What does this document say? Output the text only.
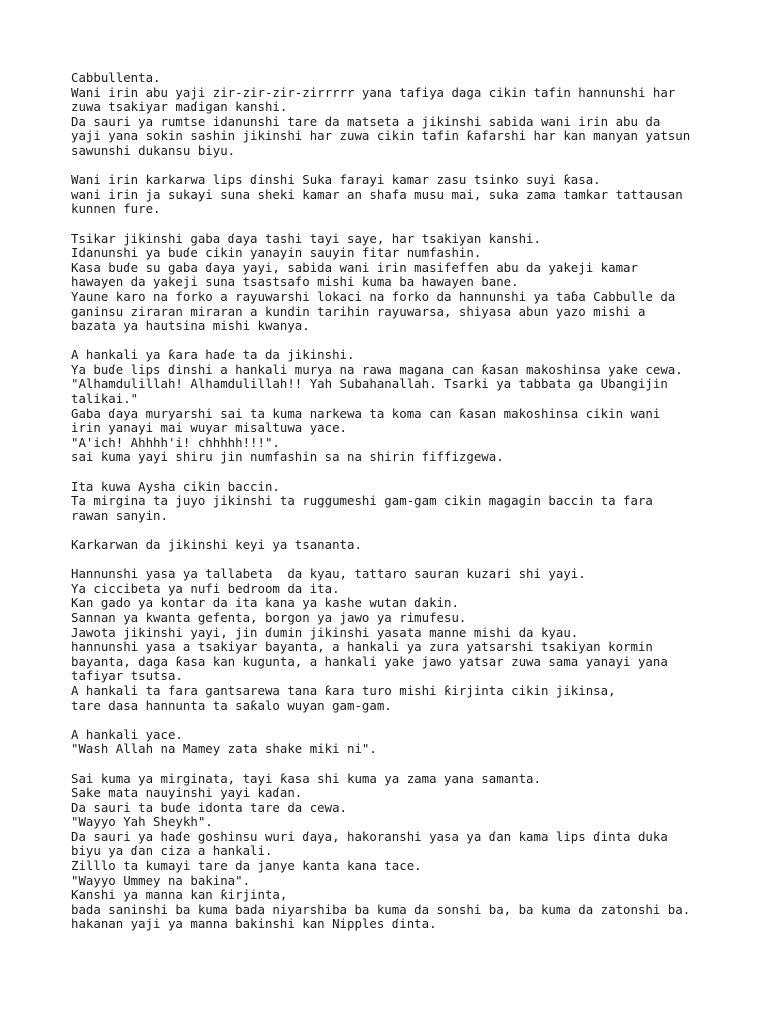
Cabbullenta.
Wani irin abu yaji zir-zir-zir-zirrrrr yana tafiya daga cikin tafin hannunshi har
zuwa tsakiyar maɗigan kanshi.
Da sauri ya rumtse idanunshi tare da matseta a jikinshi sabida wani irin abu da
yaji yana sokin sashin jikinshi har zuwa cikin tafin ƙafarshi har kan manyan yatsun
sawunshi dukansu biyu.
Wani irin karkarwa lips ɗinshi Suka farayi kamar zasu tsinko suyi ƙasa.
wani irin ja sukayi suna sheki kamar an shafa musu mai, suka zama tamkar tattausan
kunnen fure.
Tsikar jikinshi gaba ɗaya tashi tayi saye, har tsakiyan kanshi.
Idanunshi ya buɗe cikin yanayin sauyin fitar numfashin.
Kasa buɗe su gaba ɗaya yayi, sabida wani irin masifeffen abu da yakeji kamar
hawayen da yakeji suna tsastsafo mishi kuma ba hawayen bane.
Yaune karo na forko a rayuwarshi lokaci na forko da hannunshi ya taɓa Cabbulle da
ganinsu ziraran miraran a kundin tarihin rayuwarsa, shiyasa abun yazo mishi a
bazata ya hautsina mishi kwanya.
A hankali ya ƙara haɗe ta da jikinshi.
Ya buɗe lips ɗinshi a hankali murya na rawa magana can ƙasan makoshinsa yake cewa.
"Alhamdulillah! Alhamdulillah!! Yah Subahanallah. Tsarki ya tabbata ga Ubangijin
talikai."
Gaba ɗaya muryarshi sai ta kuma narkewa ta koma can ƙasan makoshinsa cikin wani
irin yanayi mai wuyar misaltuwa yace.
"A'ich! Ahhhh'i! chhhhh!!!".
sai kuma yayi shiru jin numfashin sa na shirin fiffizgewa.
Ita kuwa Aysha cikin baccin.
Ta mirgina ta juyo jikinshi ta ruggumeshi gam-gam cikin magagin baccin ta fara
rawan sanyin.
Karkarwan da jikinshi keyi ya tsananta.
Hannunshi yasa ya tallabeta  da kyau, tattaro sauran kuzari shi yayi.
Ya ciccibeta ya nufi bedroom da ita.
Kan gado ya kontar da ita kana ya kashe wutan ɗakin.
Sannan ya kwanta gefenta, borgon ya jawo ya rimufesu.
Jawota jikinshi yayi, jin ɗumin jikinshi yasata manne mishi da kyau.
hannunshi yasa a tsakiyar bayanta, a hankali ya zura yatsarshi tsakiyan kormin
bayanta, daga ƙasa kan kugunta, a hankali yake jawo yatsar zuwa sama yanayi yana
tafiyar tsutsa.
A hankali ta fara gantsarewa tana ƙara turo mishi ƙirjinta cikin jikinsa,
tare dasa hannunta ta saƙalo wuyan gam-gam.
A hankali yace.
"Wash Allah na Mamey zata shake miki ni".
Sai kuma ya mirginata, tayi ƙasa shi kuma ya zama yana samanta.
Sake mata nauyinshi yayi kaɗan.
Da sauri ta buɗe idonta tare da cewa.
"Wayyo Yah Sheykh".
Da sauri ya haɗe goshinsu wuri ɗaya, hakoranshi yasa ya ɗan kama lips ɗinta duka
biyu ya ɗan ciza a hankali.
Zilllo ta kumayi tare da janye kanta kana tace.
"Wayyo Ummey na bakina".
Kanshi ya manna kan ƙirjinta,
bada saninshi ba kuma bada niyarshiba ba kuma da sonshi ba, ba kuma da zatonshi ba.
hakanan yaji ya manna bakinshi kan Nipples ɗinta.
